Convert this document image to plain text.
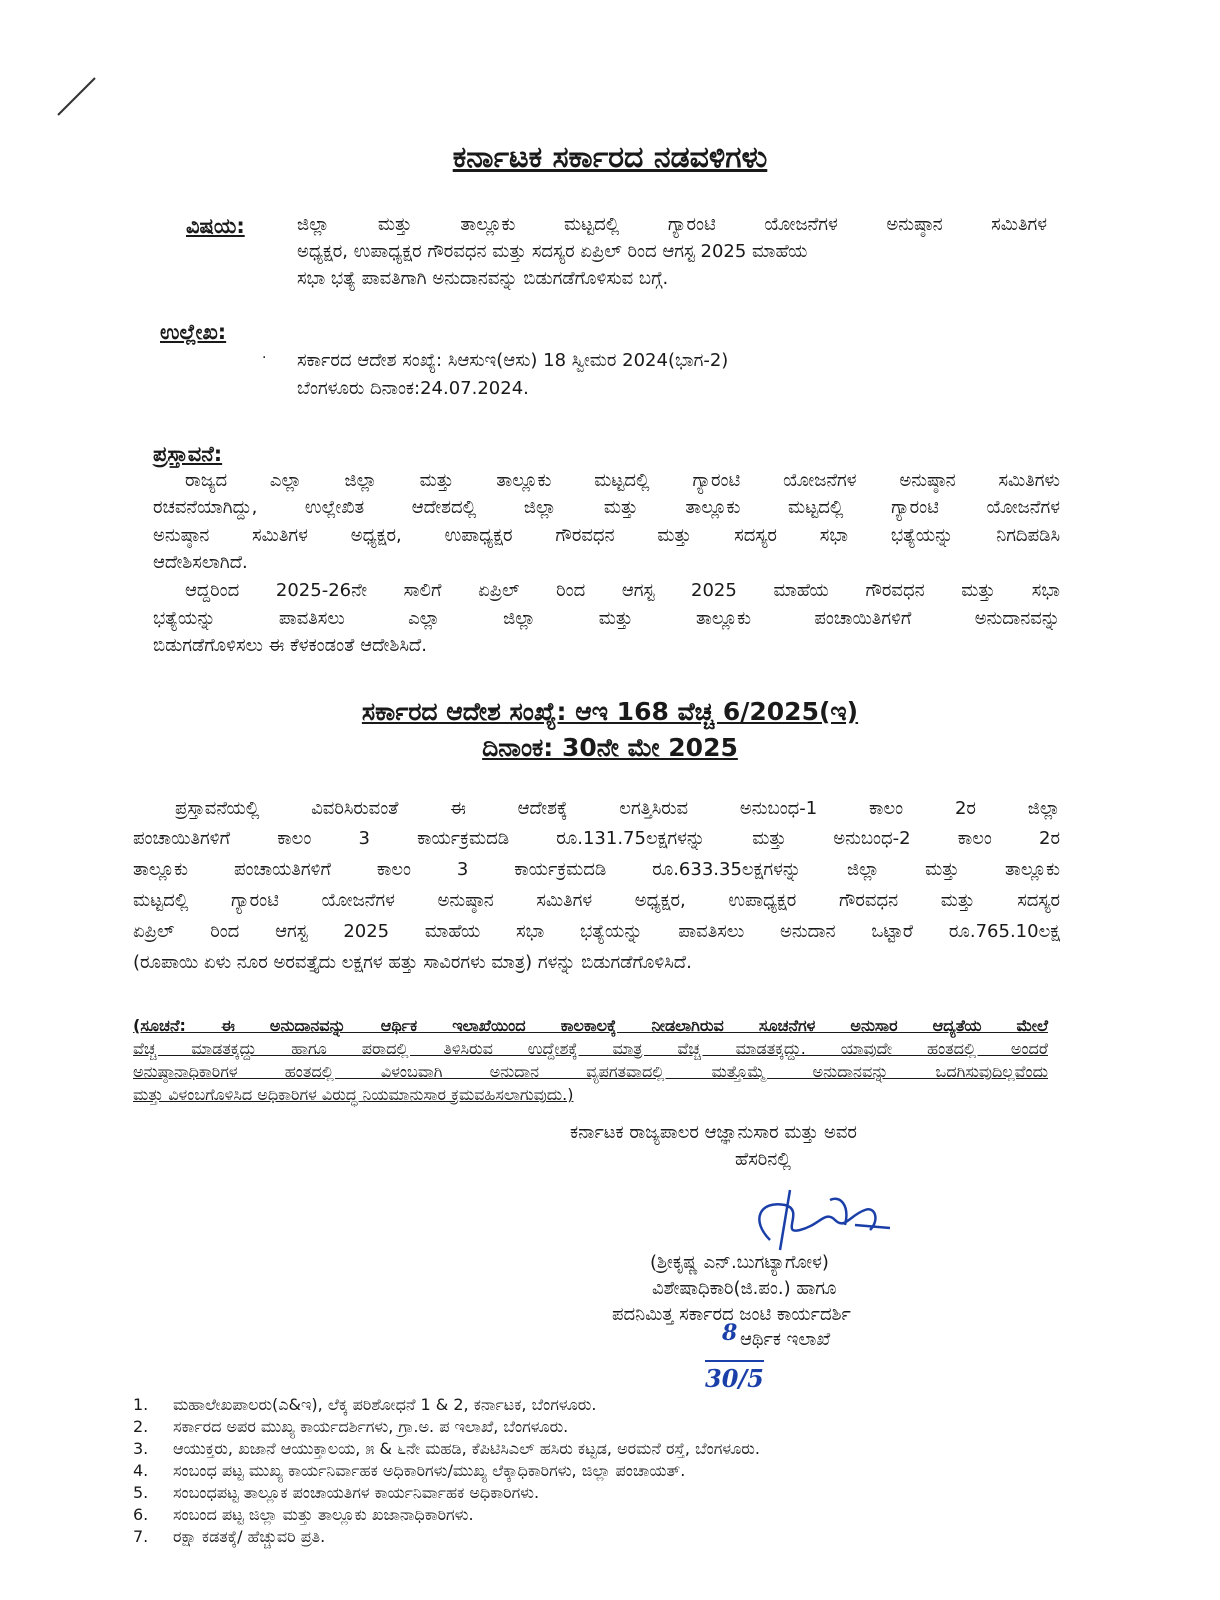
ಕರ್ನಾಟಕ ಸರ್ಕಾರದ ನಡವಳಿಗಳು
ವಿಷಯ:	ಜಿಲ್ಲಾ ಮತ್ತು ತಾಲ್ಲೂಕು ಮಟ್ಟದಲ್ಲಿ ಗ್ಯಾರಂಟಿ ಯೋಜನೆಗಳ ಅನುಷ್ಠಾನ ಸಮಿತಿಗಳ
ಅಧ್ಯಕ್ಷರ, ಉಪಾಧ್ಯಕ್ಷರ ಗೌರವಧನ ಮತ್ತು ಸದಸ್ಯರ ಏಪ್ರಿಲ್ ರಿಂದ ಆಗಸ್ಟ 2025 ಮಾಹೆಯ
ಸಭಾ ಭತ್ಯೆ ಪಾವತಿಗಾಗಿ ಅನುದಾನವನ್ನು ಬಿಡುಗಡೆಗೊಳಿಸುವ ಬಗ್ಗೆ.
ಉಲ್ಲೇಖ:
· ಸರ್ಕಾರದ ಆದೇಶ ಸಂಖ್ಯೆ: ಸಿಆಸುಇ(ಆಸು) 18 ಸ್ವೀಮರ 2024(ಭಾಗ-2)
ಬೆಂಗಳೂರು ದಿನಾಂಕ:24.07.2024.
ಪ್ರಸ್ತಾವನೆ:
ರಾಜ್ಯದ ಎಲ್ಲಾ ಜಿಲ್ಲಾ ಮತ್ತು ತಾಲ್ಲೂಕು ಮಟ್ಟದಲ್ಲಿ ಗ್ಯಾರಂಟಿ ಯೋಜನೆಗಳ ಅನುಷ್ಠಾನ ಸಮಿತಿಗಳು
ರಚವನೆಯಾಗಿದ್ದು, ಉಲ್ಲೇಖಿತ ಆದೇಶದಲ್ಲಿ ಜಿಲ್ಲಾ ಮತ್ತು ತಾಲ್ಲೂಕು ಮಟ್ಟದಲ್ಲಿ ಗ್ಯಾರಂಟಿ ಯೋಜನೆಗಳ
ಅನುಷ್ಠಾನ ಸಮಿತಿಗಳ ಅಧ್ಯಕ್ಷರ, ಉಪಾಧ್ಯಕ್ಷರ ಗೌರವಧನ ಮತ್ತು ಸದಸ್ಯರ ಸಭಾ ಭತ್ಯೆಯನ್ನು ನಿಗದಿಪಡಿಸಿ
ಆದೇಶಿಸಲಾಗಿದೆ.
ಆದ್ದರಿಂದ 2025-26ನೇ ಸಾಲಿಗೆ ಏಪ್ರಿಲ್ ರಿಂದ ಆಗಸ್ಟ 2025 ಮಾಹೆಯ ಗೌರವಧನ ಮತ್ತು ಸಭಾ
ಭತ್ಯೆಯನ್ನು ಪಾವತಿಸಲು ಎಲ್ಲಾ ಜಿಲ್ಲಾ ಮತ್ತು ತಾಲ್ಲೂಕು ಪಂಚಾಯಿತಿಗಳಿಗೆ ಅನುದಾನವನ್ನು
ಬಿಡುಗಡೆಗೊಳಿಸಲು ಈ ಕೆಳಕಂಡಂತೆ ಆದೇಶಿಸಿದೆ.
ಸರ್ಕಾರದ ಆದೇಶ ಸಂಖ್ಯೆ: ಆಇ 168 ವೆಚ್ಚ 6/2025(ಇ)
ದಿನಾಂಕ: 30ನೇ ಮೇ 2025
ಪ್ರಸ್ತಾವನೆಯಲ್ಲಿ ವಿವರಿಸಿರುವಂತೆ ಈ ಆದೇಶಕ್ಕೆ ಲಗತ್ತಿಸಿರುವ ಅನುಬಂಧ-1 ಕಾಲಂ 2ರ ಜಿಲ್ಲಾ
ಪಂಚಾಯಿತಿಗಳಿಗೆ ಕಾಲಂ 3 ಕಾರ್ಯಕ್ರಮದಡಿ ರೂ.131.75ಲಕ್ಷಗಳನ್ನು ಮತ್ತು ಅನುಬಂಧ-2 ಕಾಲಂ 2ರ
ತಾಲ್ಲೂಕು ಪಂಚಾಯತಿಗಳಿಗೆ ಕಾಲಂ 3 ಕಾರ್ಯಕ್ರಮದಡಿ ರೂ.633.35ಲಕ್ಷಗಳನ್ನು ಜಿಲ್ಲಾ ಮತ್ತು ತಾಲ್ಲೂಕು
ಮಟ್ಟದಲ್ಲಿ ಗ್ಯಾರಂಟಿ ಯೋಜನೆಗಳ ಅನುಷ್ಠಾನ ಸಮಿತಿಗಳ ಅಧ್ಯಕ್ಷರ, ಉಪಾಧ್ಯಕ್ಷರ ಗೌರವಧನ ಮತ್ತು ಸದಸ್ಯರ
ಏಪ್ರಿಲ್ ರಿಂದ ಆಗಸ್ಟ 2025 ಮಾಹೆಯ ಸಭಾ ಭತ್ಯೆಯನ್ನು ಪಾವತಿಸಲು ಅನುದಾನ ಒಟ್ಟಾರೆ ರೂ.765.10ಲಕ್ಷ
(ರೂಪಾಯಿ ಏಳು ನೂರ ಅರವತ್ತೈದು ಲಕ್ಷಗಳ ಹತ್ತು ಸಾವಿರಗಳು ಮಾತ್ರ) ಗಳನ್ನು ಬಿಡುಗಡೆಗೊಳಿಸಿದೆ.
(ಸೂಚನೆ: ಈ ಅನುದಾನವನ್ನು ಆರ್ಥಿಕ ಇಲಾಖೆಯಿಂದ ಕಾಲಕಾಲಕ್ಕೆ ನೀಡಲಾಗಿರುವ ಸೂಚನೆಗಳ ಅನುಸಾರ ಆದ್ಯತೆಯ ಮೇಲೆ
ವೆಚ್ಚ ಮಾಡತಕ್ಕದ್ದು ಹಾಗೂ ಪರಾದಲ್ಲಿ ತಿಳಿಸಿರುವ ಉದ್ದೇಶಕ್ಕೆ ಮಾತ್ರ ವೆಚ್ಚ ಮಾಡತಕ್ಕದ್ದು. ಯಾವುದೇ ಹಂತದಲ್ಲಿ ಅಂದರೆ
ಅನುಷ್ಠಾನಾಧಿಕಾರಿಗಳ ಹಂತದಲ್ಲಿ ವಿಳಂಬವಾಗಿ ಅನುದಾನ ವ್ಯಪಗತವಾದಲ್ಲಿ ಮತ್ತೊಮ್ಮೆ ಅನುದಾನವನ್ನು ಒದಗಿಸುವುದಿಲ್ಲವೆಂದು
ಮತ್ತು ವಿಳಂಬಗೊಳಿಸಿದ ಅಧಿಕಾರಿಗಳ ವಿರುದ್ಧ ನಿಯಮಾನುಸಾರ ಕ್ರಮವಹಿಸಲಾಗುವುದು.)
ಕರ್ನಾಟಕ ರಾಜ್ಯಪಾಲರ ಆಜ್ಞಾನುಸಾರ ಮತ್ತು ಅವರ
ಹೆಸರಿನಲ್ಲಿ
(ಶ್ರೀಕೃಷ್ಣ ಎನ್.ಬುಗಟ್ಯಾಗೋಳ)
ವಿಶೇಷಾಧಿಕಾರಿ(ಜಿ.ಪಂ.) ಹಾಗೂ
ಪದನಿಮಿತ್ತ ಸರ್ಕಾರದ ಜಂಟಿ ಕಾರ್ಯದರ್ಶಿ
ಆರ್ಥಿಕ ಇಲಾಖೆ
8
30/5
1. ಮಹಾಲೇಖಪಾಲರು(ಎ&ಇ), ಲೆಕ್ಕ ಪರಿಶೋಧನೆ 1 & 2, ಕರ್ನಾಟಕ, ಬೆಂಗಳೂರು.
2. ಸರ್ಕಾರದ ಅಪರ ಮುಖ್ಯ ಕಾರ್ಯದರ್ಶಿಗಳು, ಗ್ರಾ.ಅ. ಪ ಇಲಾಖೆ, ಬೆಂಗಳೂರು.
3. ಆಯುಕ್ತರು, ಖಜಾನೆ ಆಯುಕ್ತಾಲಯ, ೫ & ೬ನೇ ಮಹಡಿ, ಕೆಪಿಟಿಸಿಎಲ್ ಹಸಿರು ಕಟ್ಟಡ, ಅರಮನೆ ರಸ್ತೆ, ಬೆಂಗಳೂರು.
4. ಸಂಬಂಧ ಪಟ್ಟ ಮುಖ್ಯ ಕಾರ್ಯನಿರ್ವಾಹಕ ಅಧಿಕಾರಿಗಳು/ಮುಖ್ಯ ಲೆಕ್ಕಾಧಿಕಾರಿಗಳು, ಜಿಲ್ಲಾ ಪಂಚಾಯತ್.
5. ಸಂಬಂಧಪಟ್ಟ ತಾಲ್ಲೂಕ ಪಂಚಾಯತಿಗಳ ಕಾರ್ಯನಿರ್ವಾಹಕ ಅಧಿಕಾರಿಗಳು.
6. ಸಂಬಂದ ಪಟ್ಟ ಜಿಲ್ಲಾ ಮತ್ತು ತಾಲ್ಲೂಕು ಖಜಾನಾಧಿಕಾರಿಗಳು.
7. ರಕ್ಷಾ ಕಡತಕ್ಕೆ/ ಹೆಚ್ಚುವರಿ ಪ್ರತಿ.
